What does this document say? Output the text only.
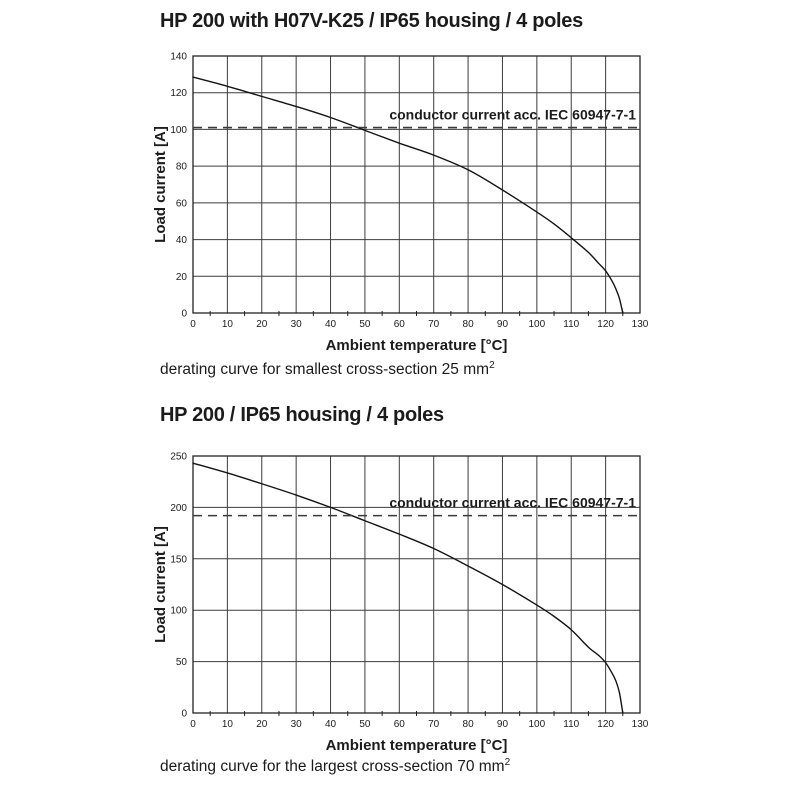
HP 200 with H07V-K25 / IP65 housing / 4 poles
0	10 20 30 40 50 60 70 80 90 100 110 120 130
0
20
40
60
80
100
120
140
Ambient temperature [°C]
Load current [A]
conductor current acc. IEC 60947-7-1
derating curve for smallest cross-section 25 $mm^2$
HP 200 / IP65 housing / 4 poles
0	10 20 30 40 50 60 70 80 90 100 110 120 130
0
50
100
150
200
250
Ambient temperature [°C]
Load current [A]
conductor current acc. IEC 60947-7-1
derating curve for the largest cross-section 70 $mm^2$
